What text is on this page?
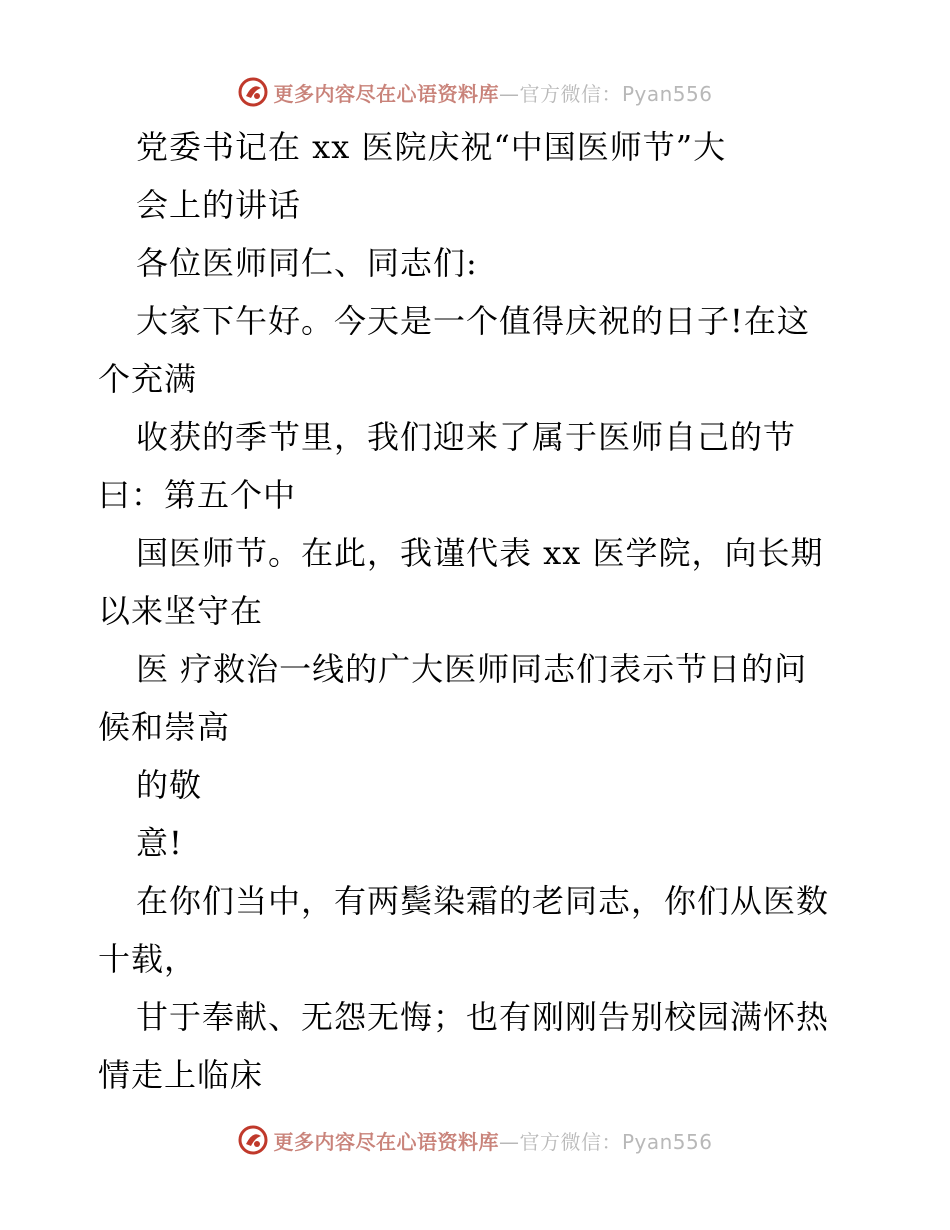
更多内容尽在心语资料库 —官方微信：Pyan556
党委书记在 xx 医院庆祝“中国医师节”大
会上的讲话
各位医师同仁、同志们:
大家下午好。今天是一个值得庆祝的日子!在这
个充满
收获的季节里，我们迎来了属于医师自己的节
曰：第五个中
国医师节。在此，我谨代表 xx 医学院，向长期
以来坚守在
医 疗救治一线的广大医师同志们表示节日的问
候和崇高
的敬
意!
在你们当中，有两鬓染霜的老同志，你们从医数
十载，
甘于奉献、无怨无悔；也有刚刚告别校园满怀热
情走上临床
更多内容尽在心语资料库 —官方微信：Pyan556
